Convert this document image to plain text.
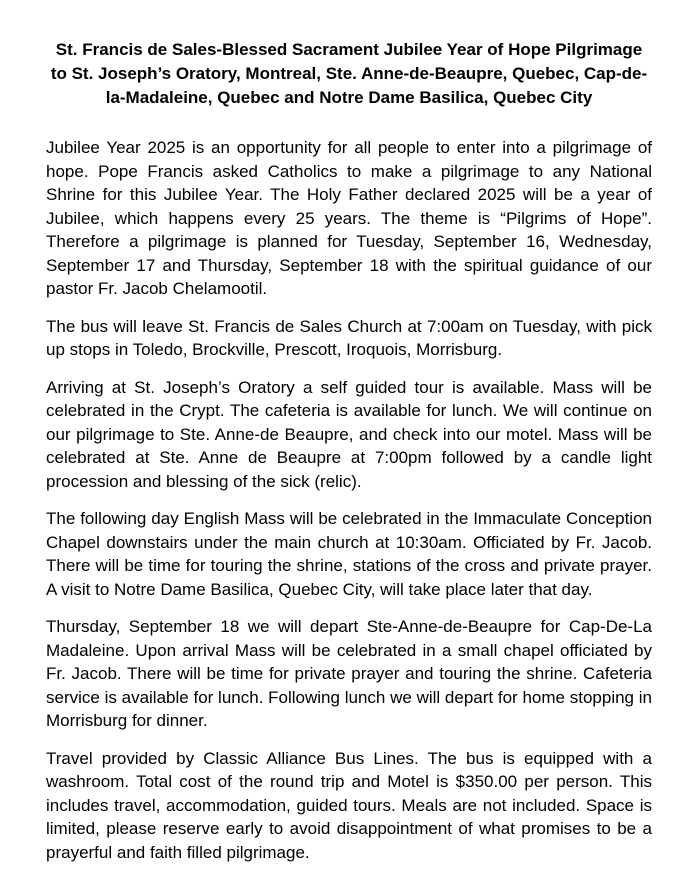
St. Francis de Sales-Blessed Sacrament Jubilee Year of Hope Pilgrimage to St. Joseph’s Oratory, Montreal, Ste. Anne-de-Beaupre, Quebec, Cap-de-la-Madaleine, Quebec and Notre Dame Basilica, Quebec City

Jubilee Year 2025 is an opportunity for all people to enter into a pilgrimage of hope. Pope Francis asked Catholics to make a pilgrimage to any National Shrine for this Jubilee Year. The Holy Father declared 2025 will be a year of Jubilee, which happens every 25 years. The theme is “Pilgrims of Hope”. Therefore a pilgrimage is planned for Tuesday, September 16, Wednesday, September 17 and Thursday, September 18 with the spiritual guidance of our pastor Fr. Jacob Chelamootil.

The bus will leave St. Francis de Sales Church at 7:00am on Tuesday, with pick up stops in Toledo, Brockville, Prescott, Iroquois, Morrisburg.

Arriving at St. Joseph’s Oratory a self guided tour is available. Mass will be celebrated in the Crypt. The cafeteria is available for lunch. We will continue on our pilgrimage to Ste. Anne-de Beaupre, and check into our motel. Mass will be celebrated at Ste. Anne de Beaupre at 7:00pm followed by a candle light procession and blessing of the sick (relic).

The following day English Mass will be celebrated in the Immaculate Conception Chapel downstairs under the main church at 10:30am. Officiated by Fr. Jacob. There will be time for touring the shrine, stations of the cross and private prayer. A visit to Notre Dame Basilica, Quebec City, will take place later that day.

Thursday, September 18 we will depart Ste-Anne-de-Beaupre for Cap-De-La Madaleine. Upon arrival Mass will be celebrated in a small chapel officiated by Fr. Jacob. There will be time for private prayer and touring the shrine. Cafeteria service is available for lunch. Following lunch we will depart for home stopping in Morrisburg for dinner.

Travel provided by Classic Alliance Bus Lines. The bus is equipped with a washroom. Total cost of the round trip and Motel is $350.00 per person. This includes travel, accommodation, guided tours. Meals are not included. Space is limited, please reserve early to avoid disappointment of what promises to be a prayerful and faith filled pilgrimage.
